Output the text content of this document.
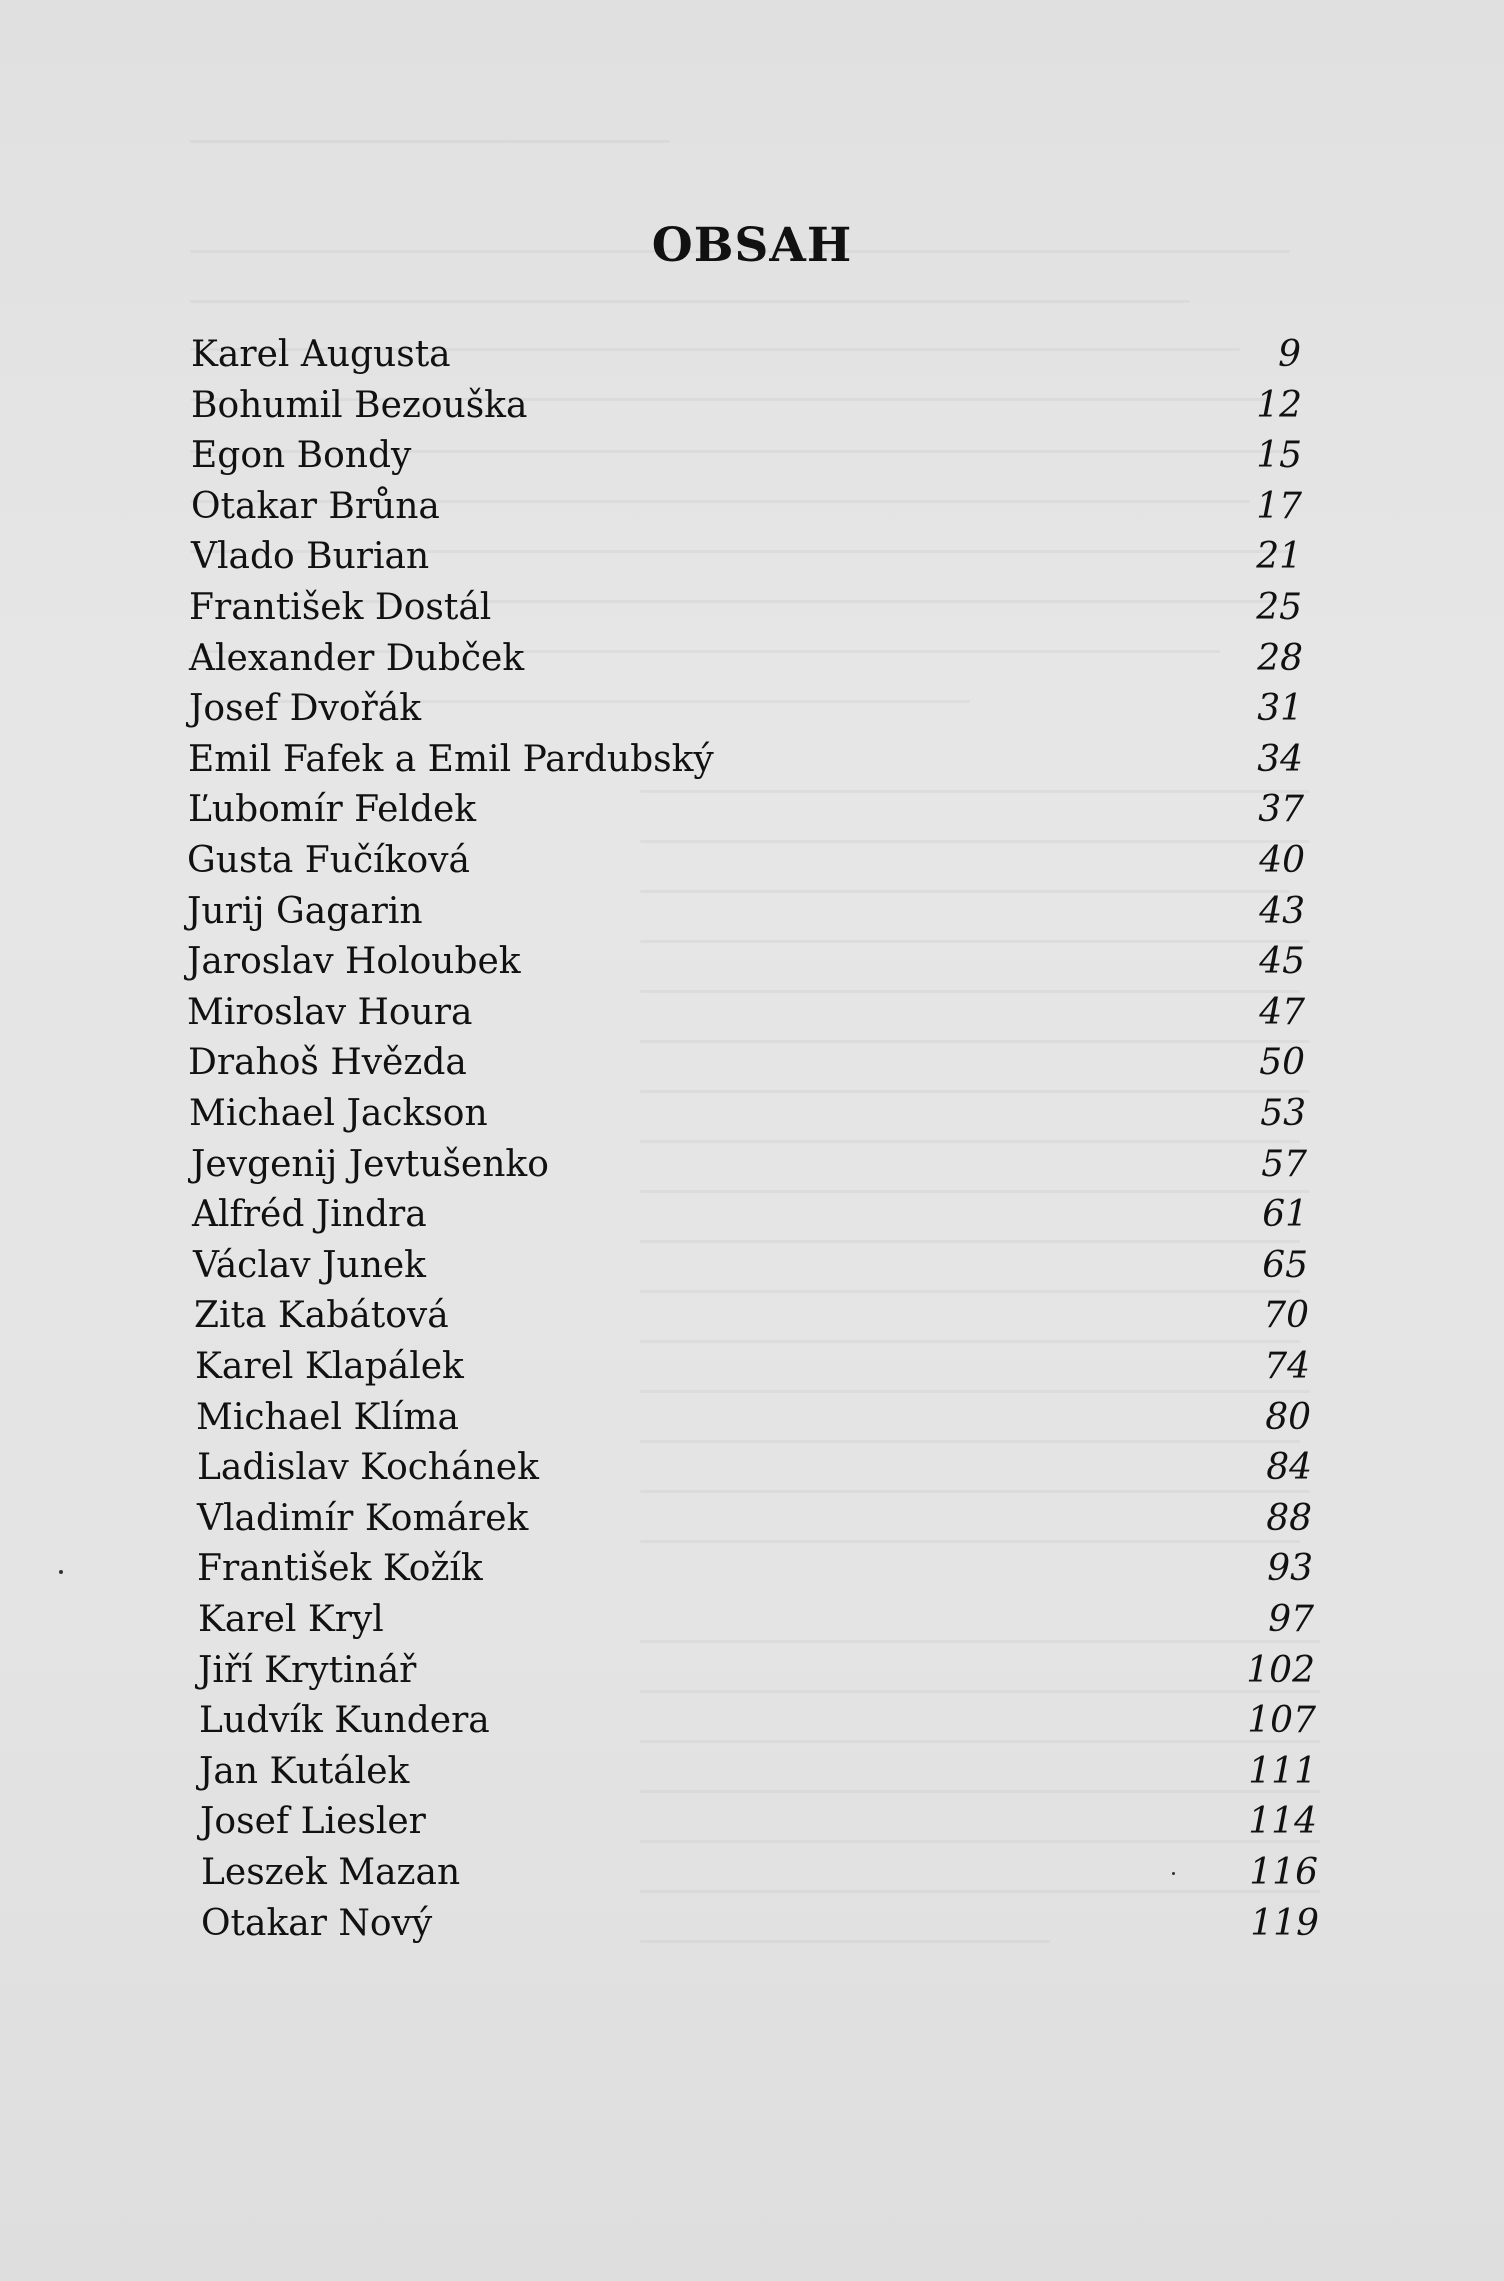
OBSAH
Karel Augusta	9
Bohumil Bezouška	12
Egon Bondy	15
Otakar Brůna	17
Vlado Burian	21
František Dostál	25
Alexander Dubček	28
Josef Dvořák	31
Emil Fafek a Emil Pardubský	34
Ľubomír Feldek	37
Gusta Fučíková	40
Jurij Gagarin	43
Jaroslav Holoubek	45
Miroslav Houra	47
Drahoš Hvězda	50
Michael Jackson	53
Jevgenij Jevtušenko	57
Alfréd Jindra	61
Václav Junek	65
Zita Kabátová	70
Karel Klapálek	74
Michael Klíma	80
Ladislav Kochánek	84
Vladimír Komárek	88
František Kožík	93
Karel Kryl	97
Jiří Krytinář	102
Ludvík Kundera	107
Jan Kutálek	111
Josef Liesler	114
Leszek Mazan	116
Otakar Nový	119
